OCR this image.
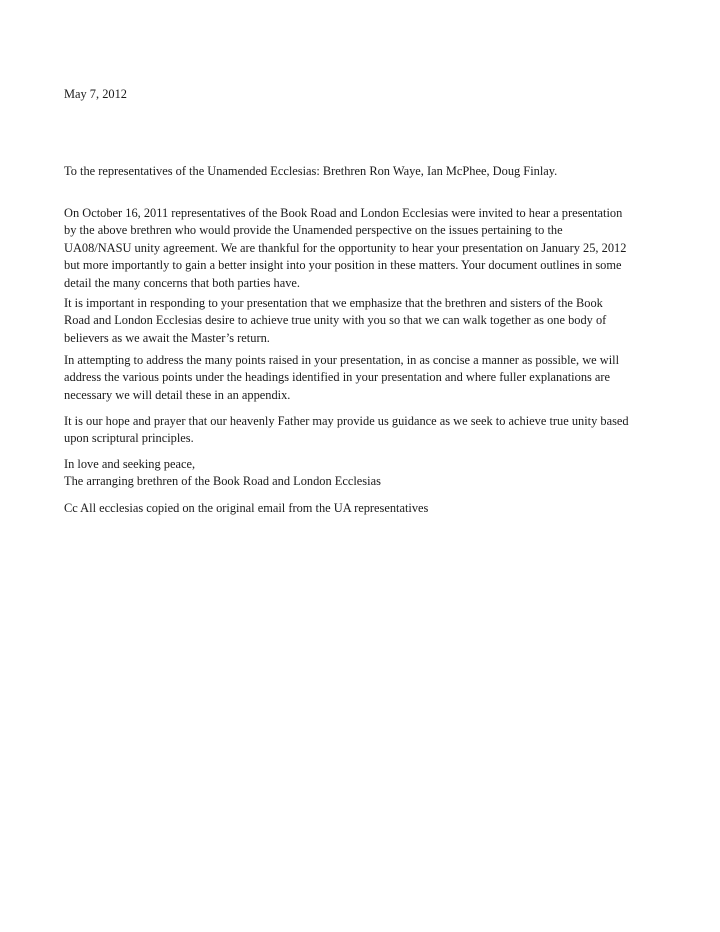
May 7, 2012

To the representatives of the Unamended Ecclesias: Brethren Ron Waye, Ian McPhee, Doug Finlay.

On October 16, 2011 representatives of the Book Road and London Ecclesias were invited to hear a presentation
by the above brethren who would provide the Unamended perspective on the issues pertaining to the
UA08/NASU unity agreement. We are thankful for the opportunity to hear your presentation on January 25, 2012
but more importantly to gain a better insight into your position in these matters. Your document outlines in some
detail the many concerns that both parties have.

It is important in responding to your presentation that we emphasize that the brethren and sisters of the Book
Road and London Ecclesias desire to achieve true unity with you so that we can walk together as one body of
believers as we await the Master’s return.

In attempting to address the many points raised in your presentation, in as concise a manner as possible, we will
address the various points under the headings identified in your presentation and where fuller explanations are
necessary we will detail these in an appendix.

It is our hope and prayer that our heavenly Father may provide us guidance as we seek to achieve true unity based
upon scriptural principles.

In love and seeking peace,
The arranging brethren of the Book Road and London Ecclesias

Cc All ecclesias copied on the original email from the UA representatives
